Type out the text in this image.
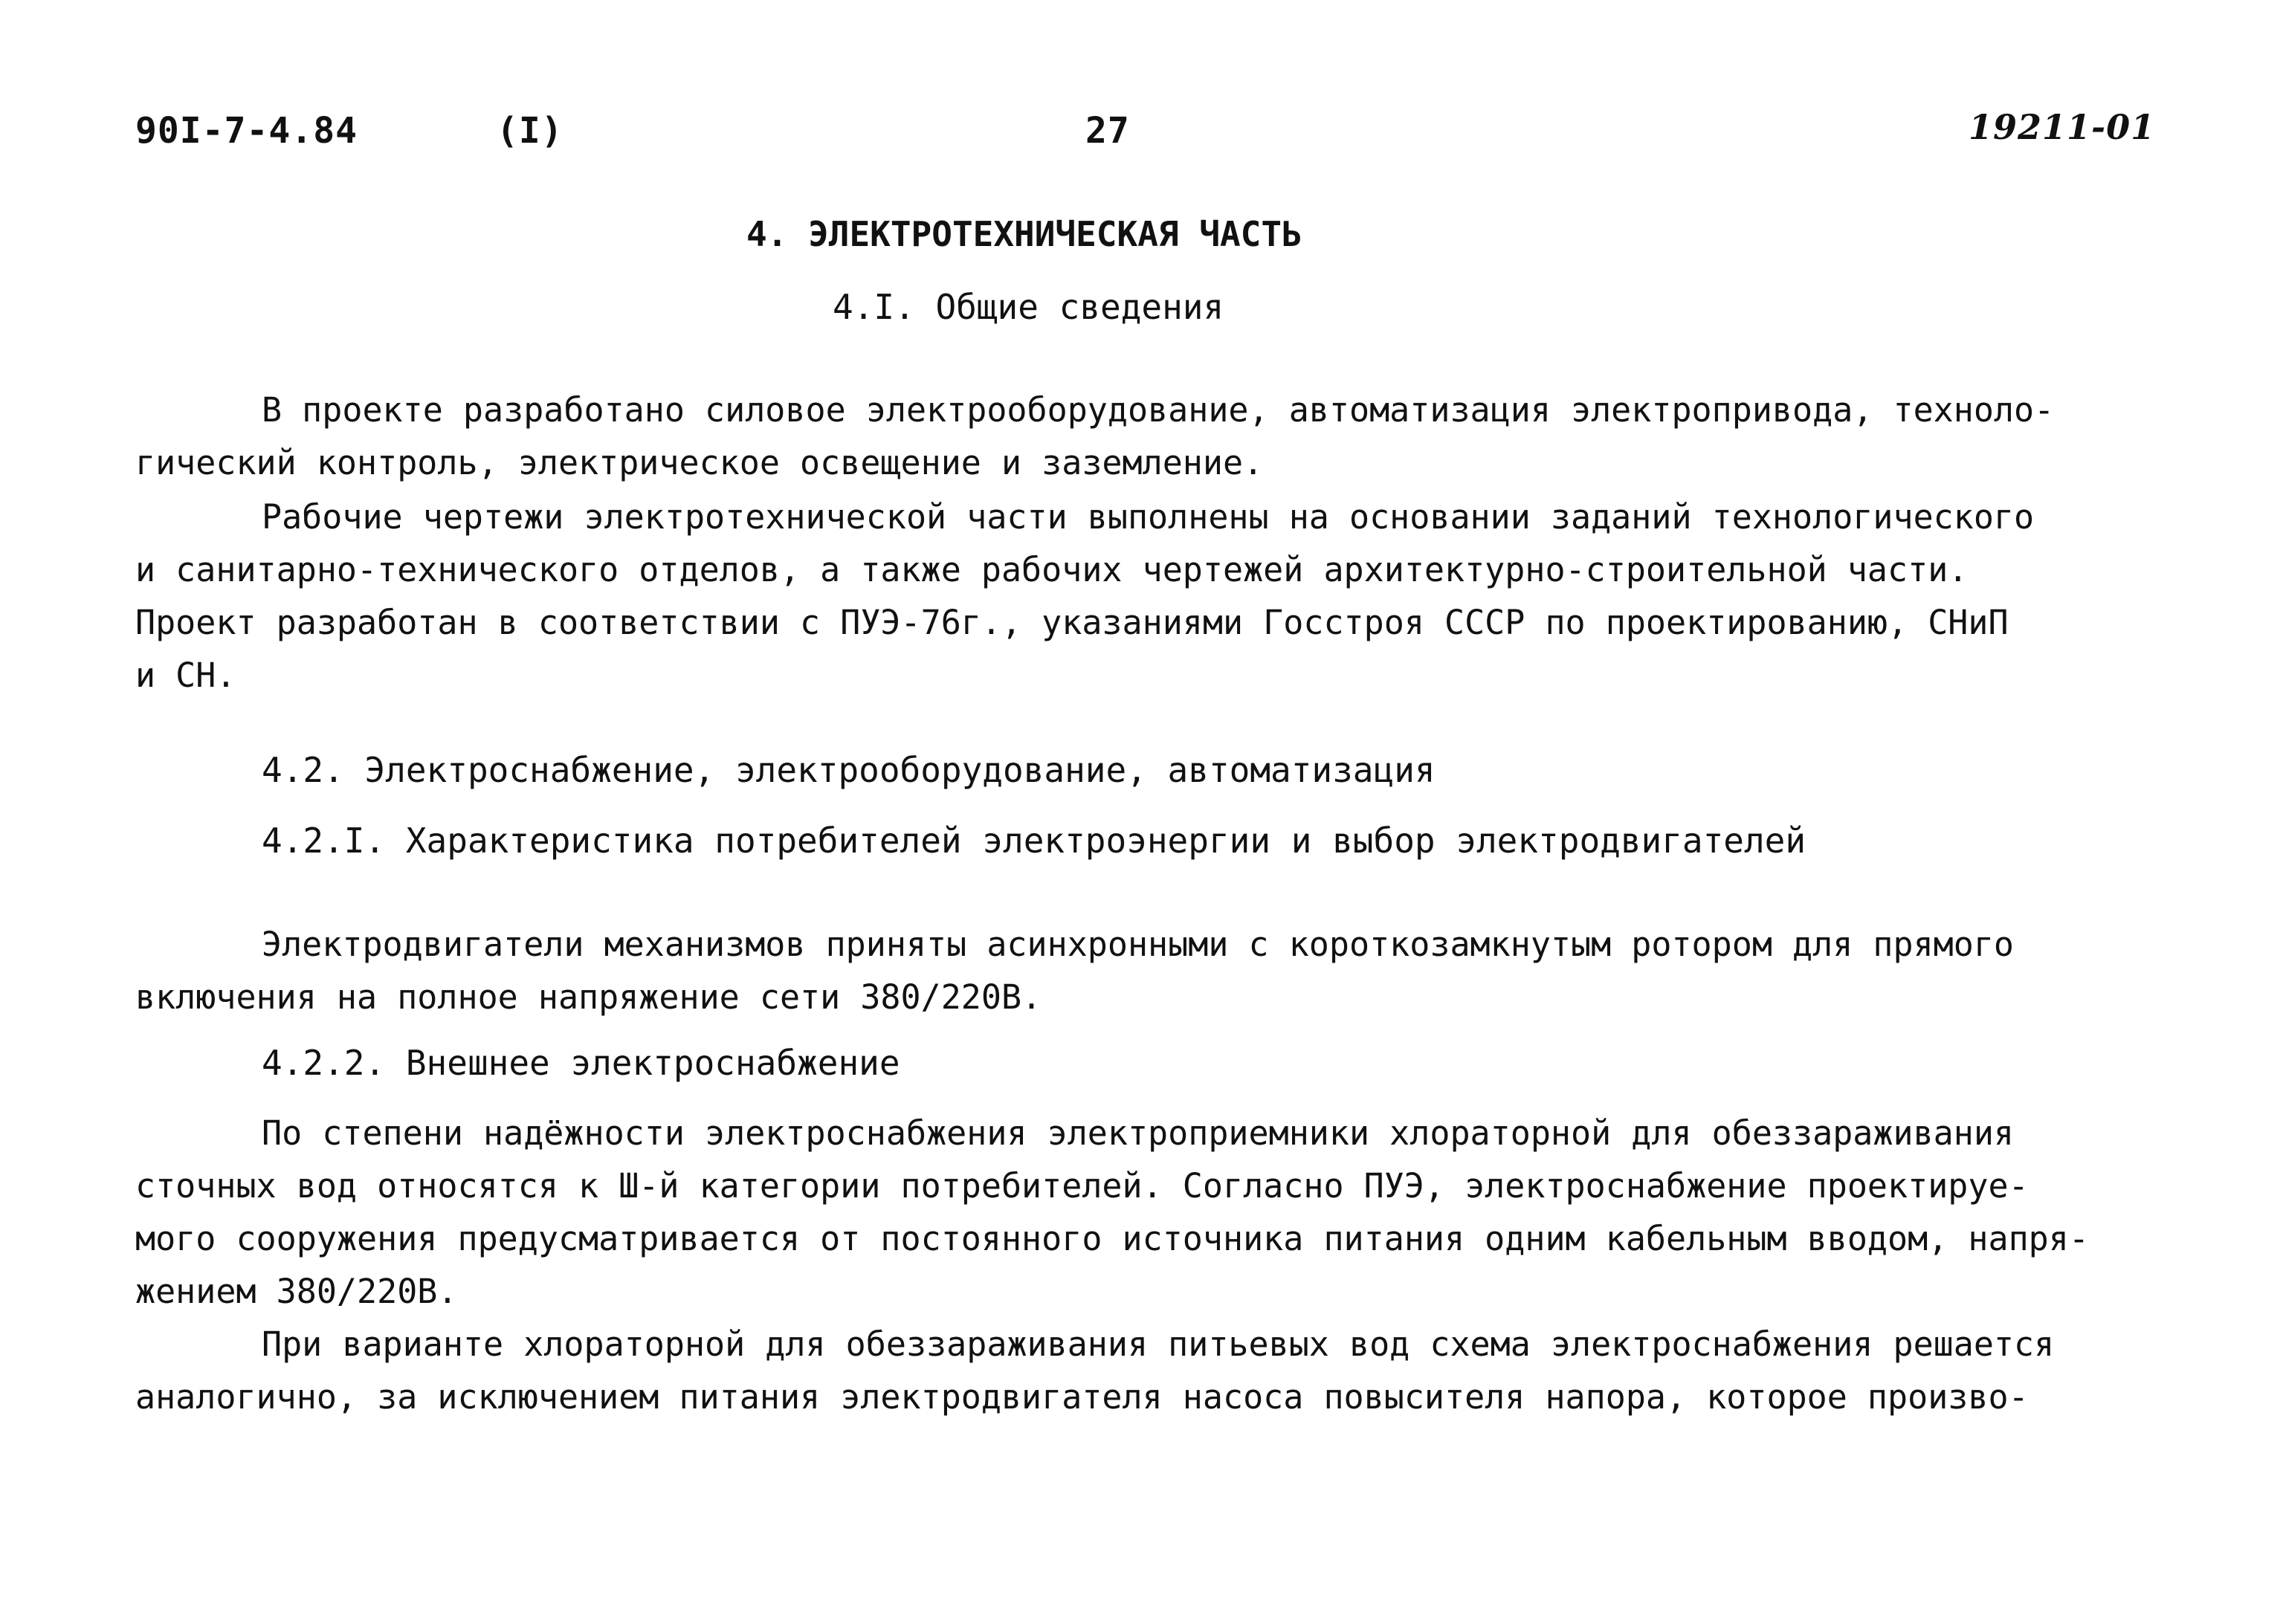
90I-7-4.84	(I)	27	19211-01
4. ЭЛЕКТРОТЕХНИЧЕСКАЯ ЧАСТЬ
4.I. Общие сведения
В проекте разработано силовое электрооборудование, автоматизация электропривода, техноло-
гический контроль, электрическое освещение и заземление.
Рабочие чертежи электротехнической части выполнены на основании заданий технологического
и санитарно-технического отделов, а также рабочих чертежей архитектурно-строительной части.
Проект разработан в соответствии с ПУЭ-76г., указаниями Госстроя СССР по проектированию, СНиП
и СН.
4.2. Электроснабжение, электрооборудование, автоматизация
4.2.I. Характеристика потребителей электроэнергии и выбор электродвигателей
Электродвигатели механизмов приняты асинхронными с короткозамкнутым ротором для прямого
включения на полное напряжение сети 380/220В.
4.2.2. Внешнее электроснабжение
По степени надёжности электроснабжения электроприемники хлораторной для обеззараживания
сточных вод относятся к Ш-й категории потребителей. Согласно ПУЭ, электроснабжение проектируе-
мого сооружения предусматривается от постоянного источника питания одним кабельным вводом, напря-
жением 380/220В.
При варианте хлораторной для обеззараживания питьевых вод схема электроснабжения решается
аналогично, за исключением питания электродвигателя насоса повысителя напора, которое произво-
